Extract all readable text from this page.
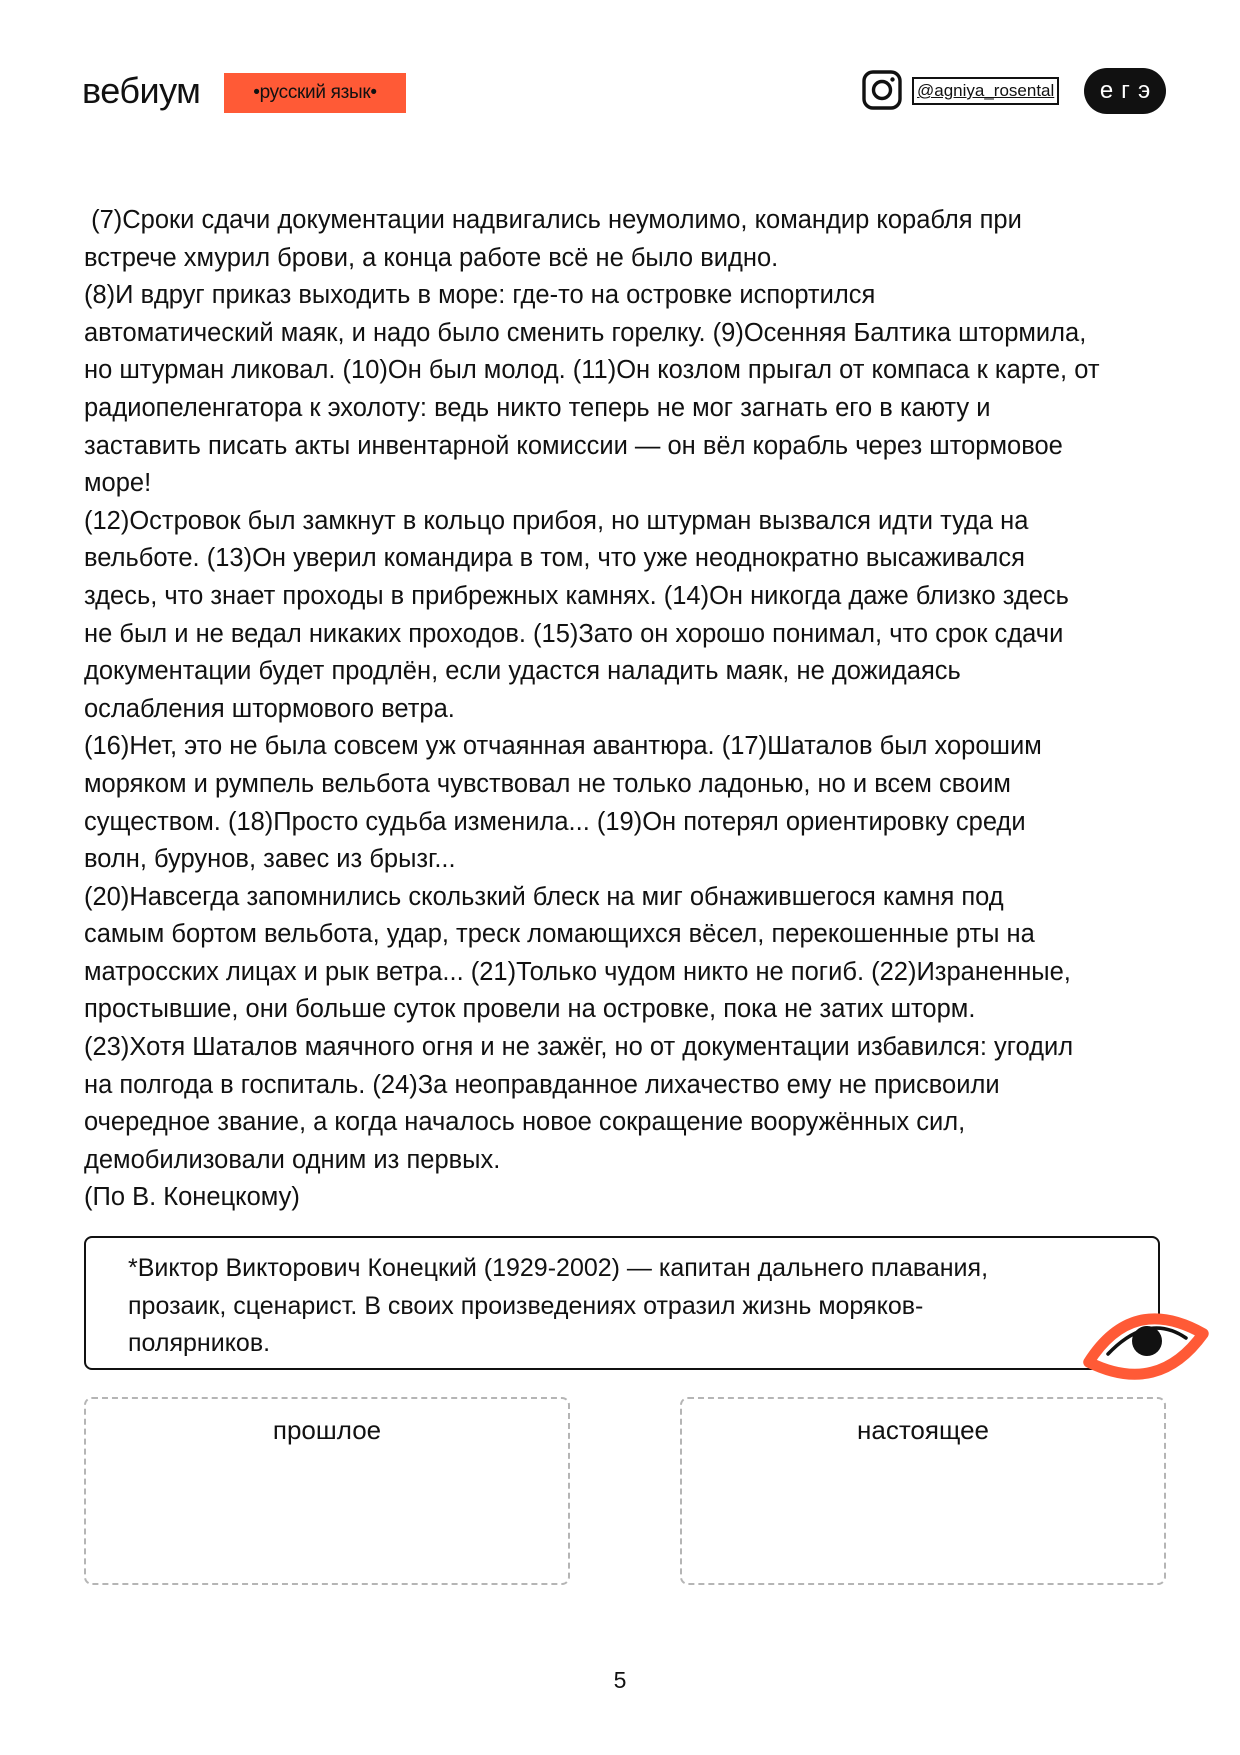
вебиум	•русский язык•	@agniya_rosental е г э

(7)Сроки сдачи документации надвигались неумолимо, командир корабля при

встрече хмурил брови, а конца работе всё не было видно.

(8)И вдруг приказ выходить в море: где-то на островке испортился

автоматический маяк, и надо было сменить горелку. (9)Осенняя Балтика штормила,

но штурман ликовал. (10)Он был молод. (11)Он козлом прыгал от компаса к карте, от

радиопеленгатора к эхолоту: ведь никто теперь не мог загнать его в каюту и

заставить писать акты инвентарной комиссии — он вёл корабль через штормовое

море!

(12)Островок был замкнут в кольцо прибоя, но штурман вызвался идти туда на

вельботе. (13)Он уверил командира в том, что уже неоднократно высаживался

здесь, что знает проходы в прибрежных камнях. (14)Он никогда даже близко здесь

не был и не ведал никаких проходов. (15)Зато он хорошо понимал, что срок сдачи

документации будет продлён, если удастся наладить маяк, не дожидаясь

ослабления штормового ветра.

(16)Нет, это не была совсем уж отчаянная авантюра. (17)Шаталов был хорошим

моряком и румпель вельбота чувствовал не только ладонью, но и всем своим

существом. (18)Просто судьба изменила... (19)Он потерял ориентировку среди

волн, бурунов, завес из брызг...

(20)Навсегда запомнились скользкий блеск на миг обнажившегося камня под

самым бортом вельбота, удар, треск ломающихся вёсел, перекошенные рты на

матросских лицах и рык ветра... (21)Только чудом никто не погиб. (22)Израненные,

простывшие, они больше суток провели на островке, пока не затих шторм.

(23)Хотя Шаталов маячного огня и не зажёг, но от документации избавился: угодил

на полгода в госпиталь. (24)За неоправданное лихачество ему не присвоили

очередное звание, а когда началось новое сокращение вооружённых сил,

демобилизовали одним из первых.

(По В. Конецкому)

*Виктор Викторович Конецкий (1929-2002) — капитан дальнего плавания,
прозаик, сценарист. В своих произведениях отразил жизнь моряков-
полярников.
прошлое	настоящее
5
